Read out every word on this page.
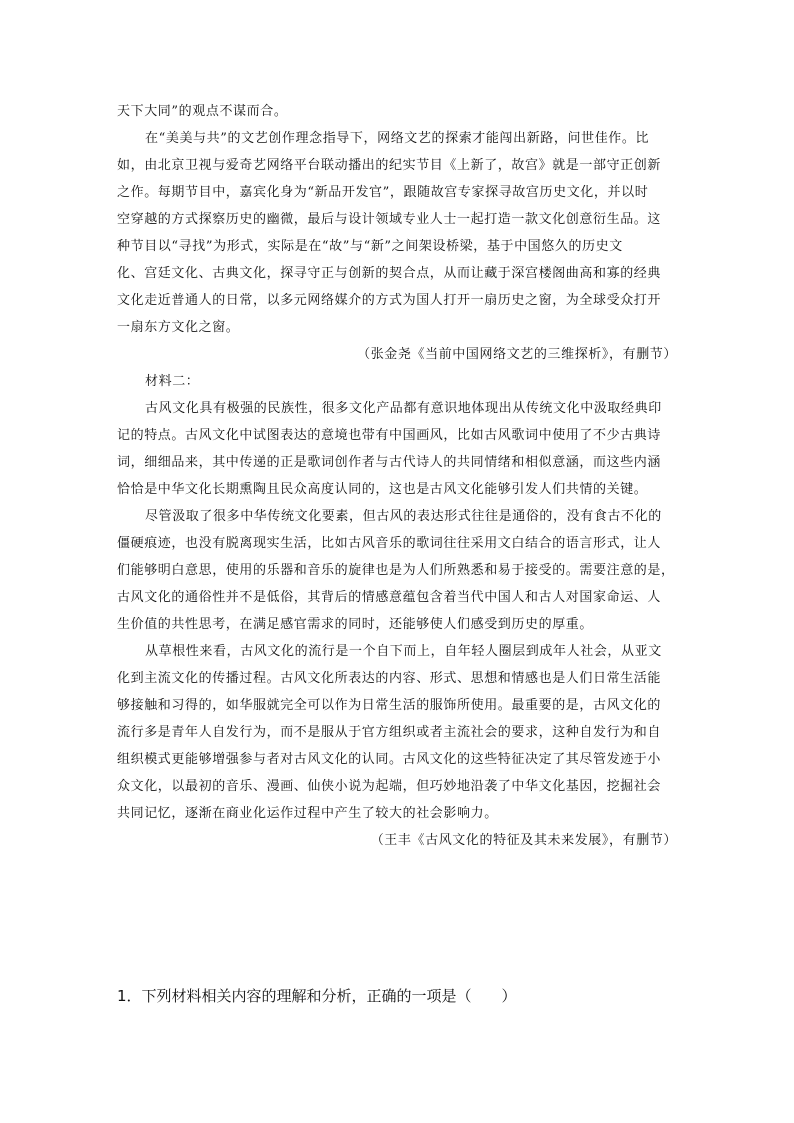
天下大同”的观点不谋而合。
在“美美与共”的文艺创作理念指导下，网络文艺的探索才能闯出新路，问世佳作。比
如，由北京卫视与爱奇艺网络平台联动播出的纪实节目《上新了，故宫》就是一部守正创新
之作。每期节目中，嘉宾化身为“新品开发官”，跟随故宫专家探寻故宫历史文化，并以时
空穿越的方式探察历史的幽微，最后与设计领域专业人士一起打造一款文化创意衍生品。这
种节目以“寻找”为形式，实际是在“故”与“新”之间架设桥梁，基于中国悠久的历史文
化、宫廷文化、古典文化，探寻守正与创新的契合点，从而让藏于深宫楼阁曲高和寡的经典
文化走近普通人的日常，以多元网络媒介的方式为国人打开一扇历史之窗，为全球受众打开
一扇东方文化之窗。
（张金尧《当前中国网络文艺的三维探析》，有删节）
材料二：
古风文化具有极强的民族性，很多文化产品都有意识地体现出从传统文化中汲取经典印
记的特点。古风文化中试图表达的意境也带有中国画风，比如古风歌词中使用了不少古典诗
词，细细品来，其中传递的正是歌词创作者与古代诗人的共同情绪和相似意涵，而这些内涵
恰恰是中华文化长期熏陶且民众高度认同的，这也是古风文化能够引发人们共情的关键。
尽管汲取了很多中华传统文化要素，但古风的表达形式往往是通俗的，没有食古不化的
僵硬痕迹，也没有脱离现实生活，比如古风音乐的歌词往往采用文白结合的语言形式，让人
们能够明白意思，使用的乐器和音乐的旋律也是为人们所熟悉和易于接受的。需要注意的是，
古风文化的通俗性并不是低俗，其背后的情感意蕴包含着当代中国人和古人对国家命运、人
生价值的共性思考，在满足感官需求的同时，还能够使人们感受到历史的厚重。
从草根性来看，古风文化的流行是一个自下而上，自年轻人圈层到成年人社会，从亚文
化到主流文化的传播过程。古风文化所表达的内容、形式、思想和情感也是人们日常生活能
够接触和习得的，如华服就完全可以作为日常生活的服饰所使用。最重要的是，古风文化的
流行多是青年人自发行为，而不是服从于官方组织或者主流社会的要求，这种自发行为和自
组织模式更能够增强参与者对古风文化的认同。古风文化的这些特征决定了其尽管发迹于小
众文化，以最初的音乐、漫画、仙侠小说为起端，但巧妙地沿袭了中华文化基因，挖掘社会
共同记忆，逐渐在商业化运作过程中产生了较大的社会影响力。
（王丰《古风文化的特征及其未来发展》，有删节）
1．下列材料相关内容的理解和分析，正确的一项是（　　）
